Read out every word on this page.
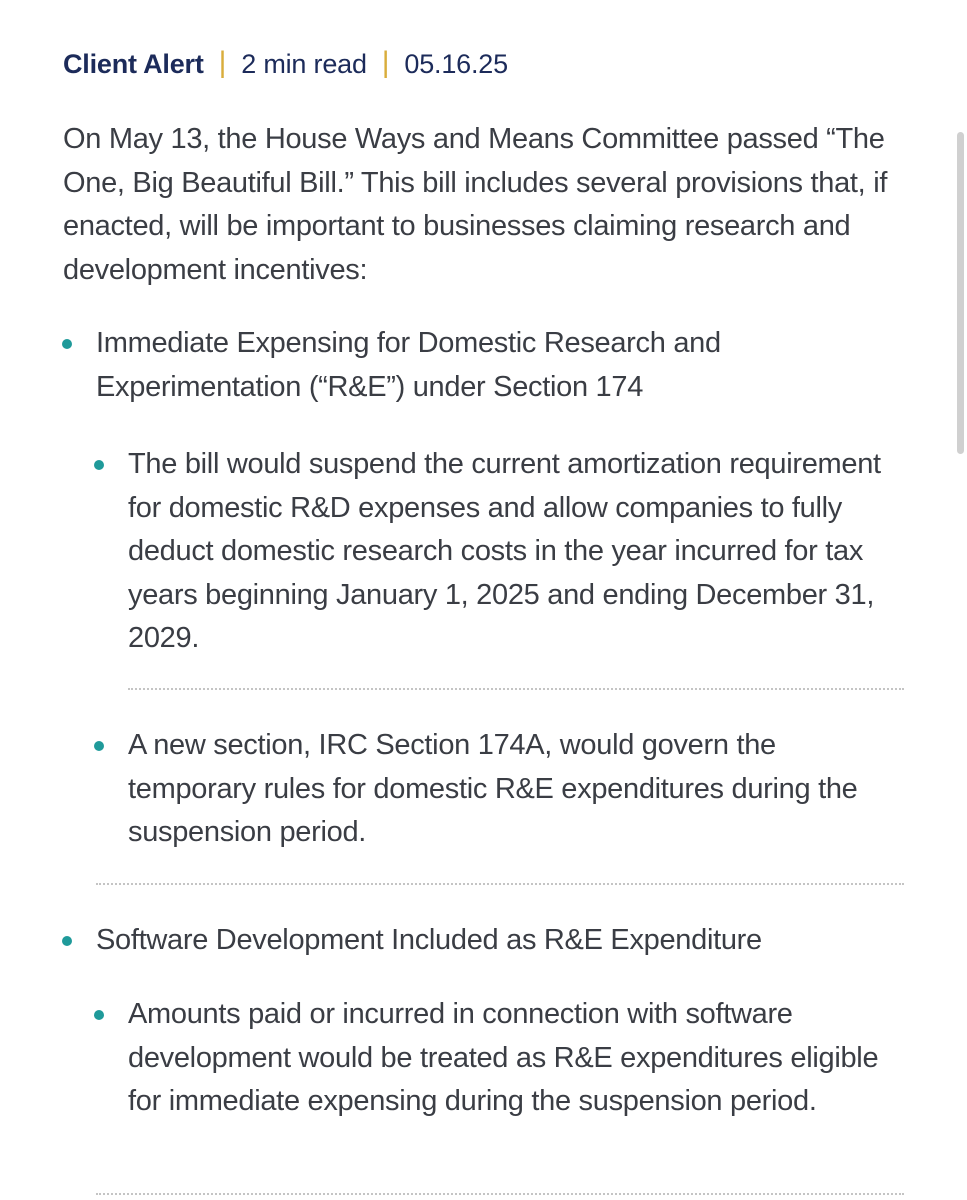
Client Alert | 2 min read | 05.16.25

On May 13, the House Ways and Means Committee passed “The One, Big Beautiful Bill.” This bill includes several provisions that, if enacted, will be important to businesses claiming research and development incentives:

Immediate Expensing for Domestic Research and Experimentation (“R&E”) under Section 174

The bill would suspend the current amortization requirement for domestic R&D expenses and allow companies to fully deduct domestic research costs in the year incurred for tax years beginning January 1, 2025 and ending December 31, 2029.

A new section, IRC Section 174A, would govern the temporary rules for domestic R&E expenditures during the suspension period.

Software Development Included as R&E Expenditure

Amounts paid or incurred in connection with software development would be treated as R&E expenditures eligible for immediate expensing during the suspension period.
